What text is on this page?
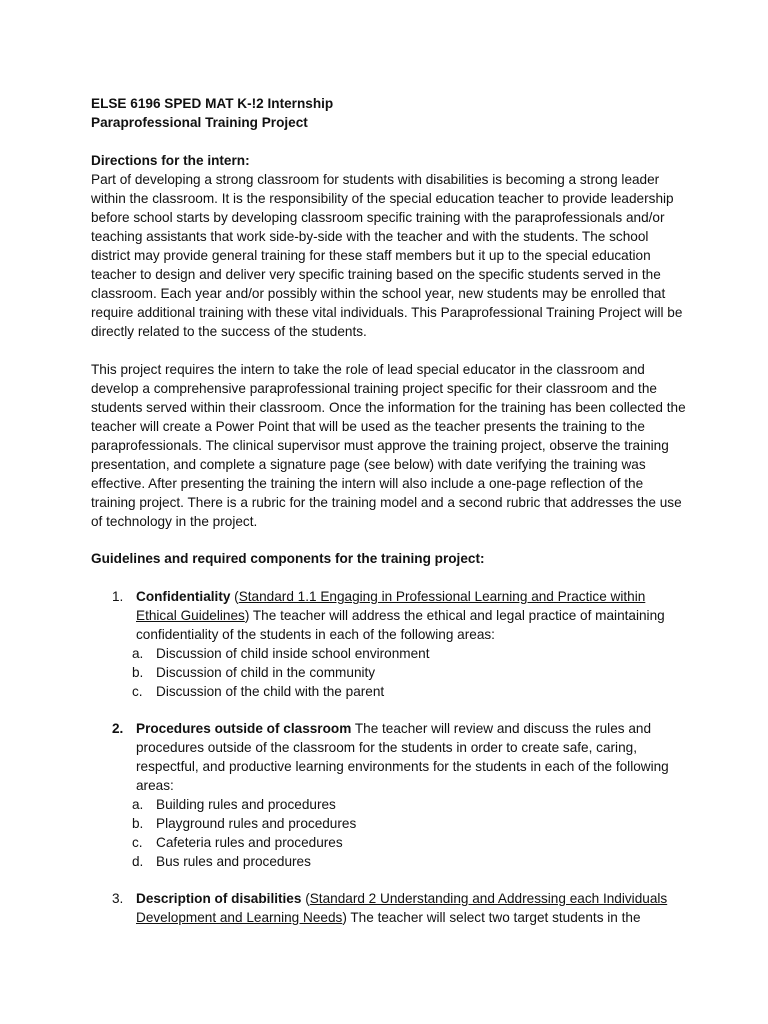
ELSE 6196 SPED MAT K-!2 Internship
Paraprofessional Training Project
Directions for the intern:

Part of developing a strong classroom for students with disabilities is becoming a strong leader within the classroom. It is the responsibility of the special education teacher to provide leadership before school starts by developing classroom specific training with the paraprofessionals and/or teaching assistants that work side-by-side with the teacher and with the students. The school district may provide general training for these staff members but it up to the special education teacher to design and deliver very specific training based on the specific students served in the classroom. Each year and/or possibly within the school year, new students may be enrolled that require additional training with these vital individuals. This Paraprofessional Training Project will be directly related to the success of the students.

This project requires the intern to take the role of lead special educator in the classroom and develop a comprehensive paraprofessional training project specific for their classroom and the students served within their classroom. Once the information for the training has been collected the teacher will create a Power Point that will be used as the teacher presents the training to the paraprofessionals. The clinical supervisor must approve the training project, observe the training presentation, and complete a signature page (see below) with date verifying the training was effective. After presenting the training the intern will also include a one-page reflection of the training project. There is a rubric for the training model and a second rubric that addresses the use of technology in the project.

Guidelines and required components for the training project:
1. Confidentiality (Standard 1.1 Engaging in Professional Learning and Practice within Ethical Guidelines) The teacher will address the ethical and legal practice of maintaining confidentiality of the students in each of the following areas:
a. Discussion of child inside school environment
b. Discussion of child in the community
c. Discussion of the child with the parent
2. Procedures outside of classroom The teacher will review and discuss the rules and procedures outside of the classroom for the students in order to create safe, caring, respectful, and productive learning environments for the students in each of the following areas:
a. Building rules and procedures
b. Playground rules and procedures
c. Cafeteria rules and procedures
d. Bus rules and procedures
3. Description of disabilities (Standard 2 Understanding and Addressing each Individuals Development and Learning Needs) The teacher will select two target students in the
